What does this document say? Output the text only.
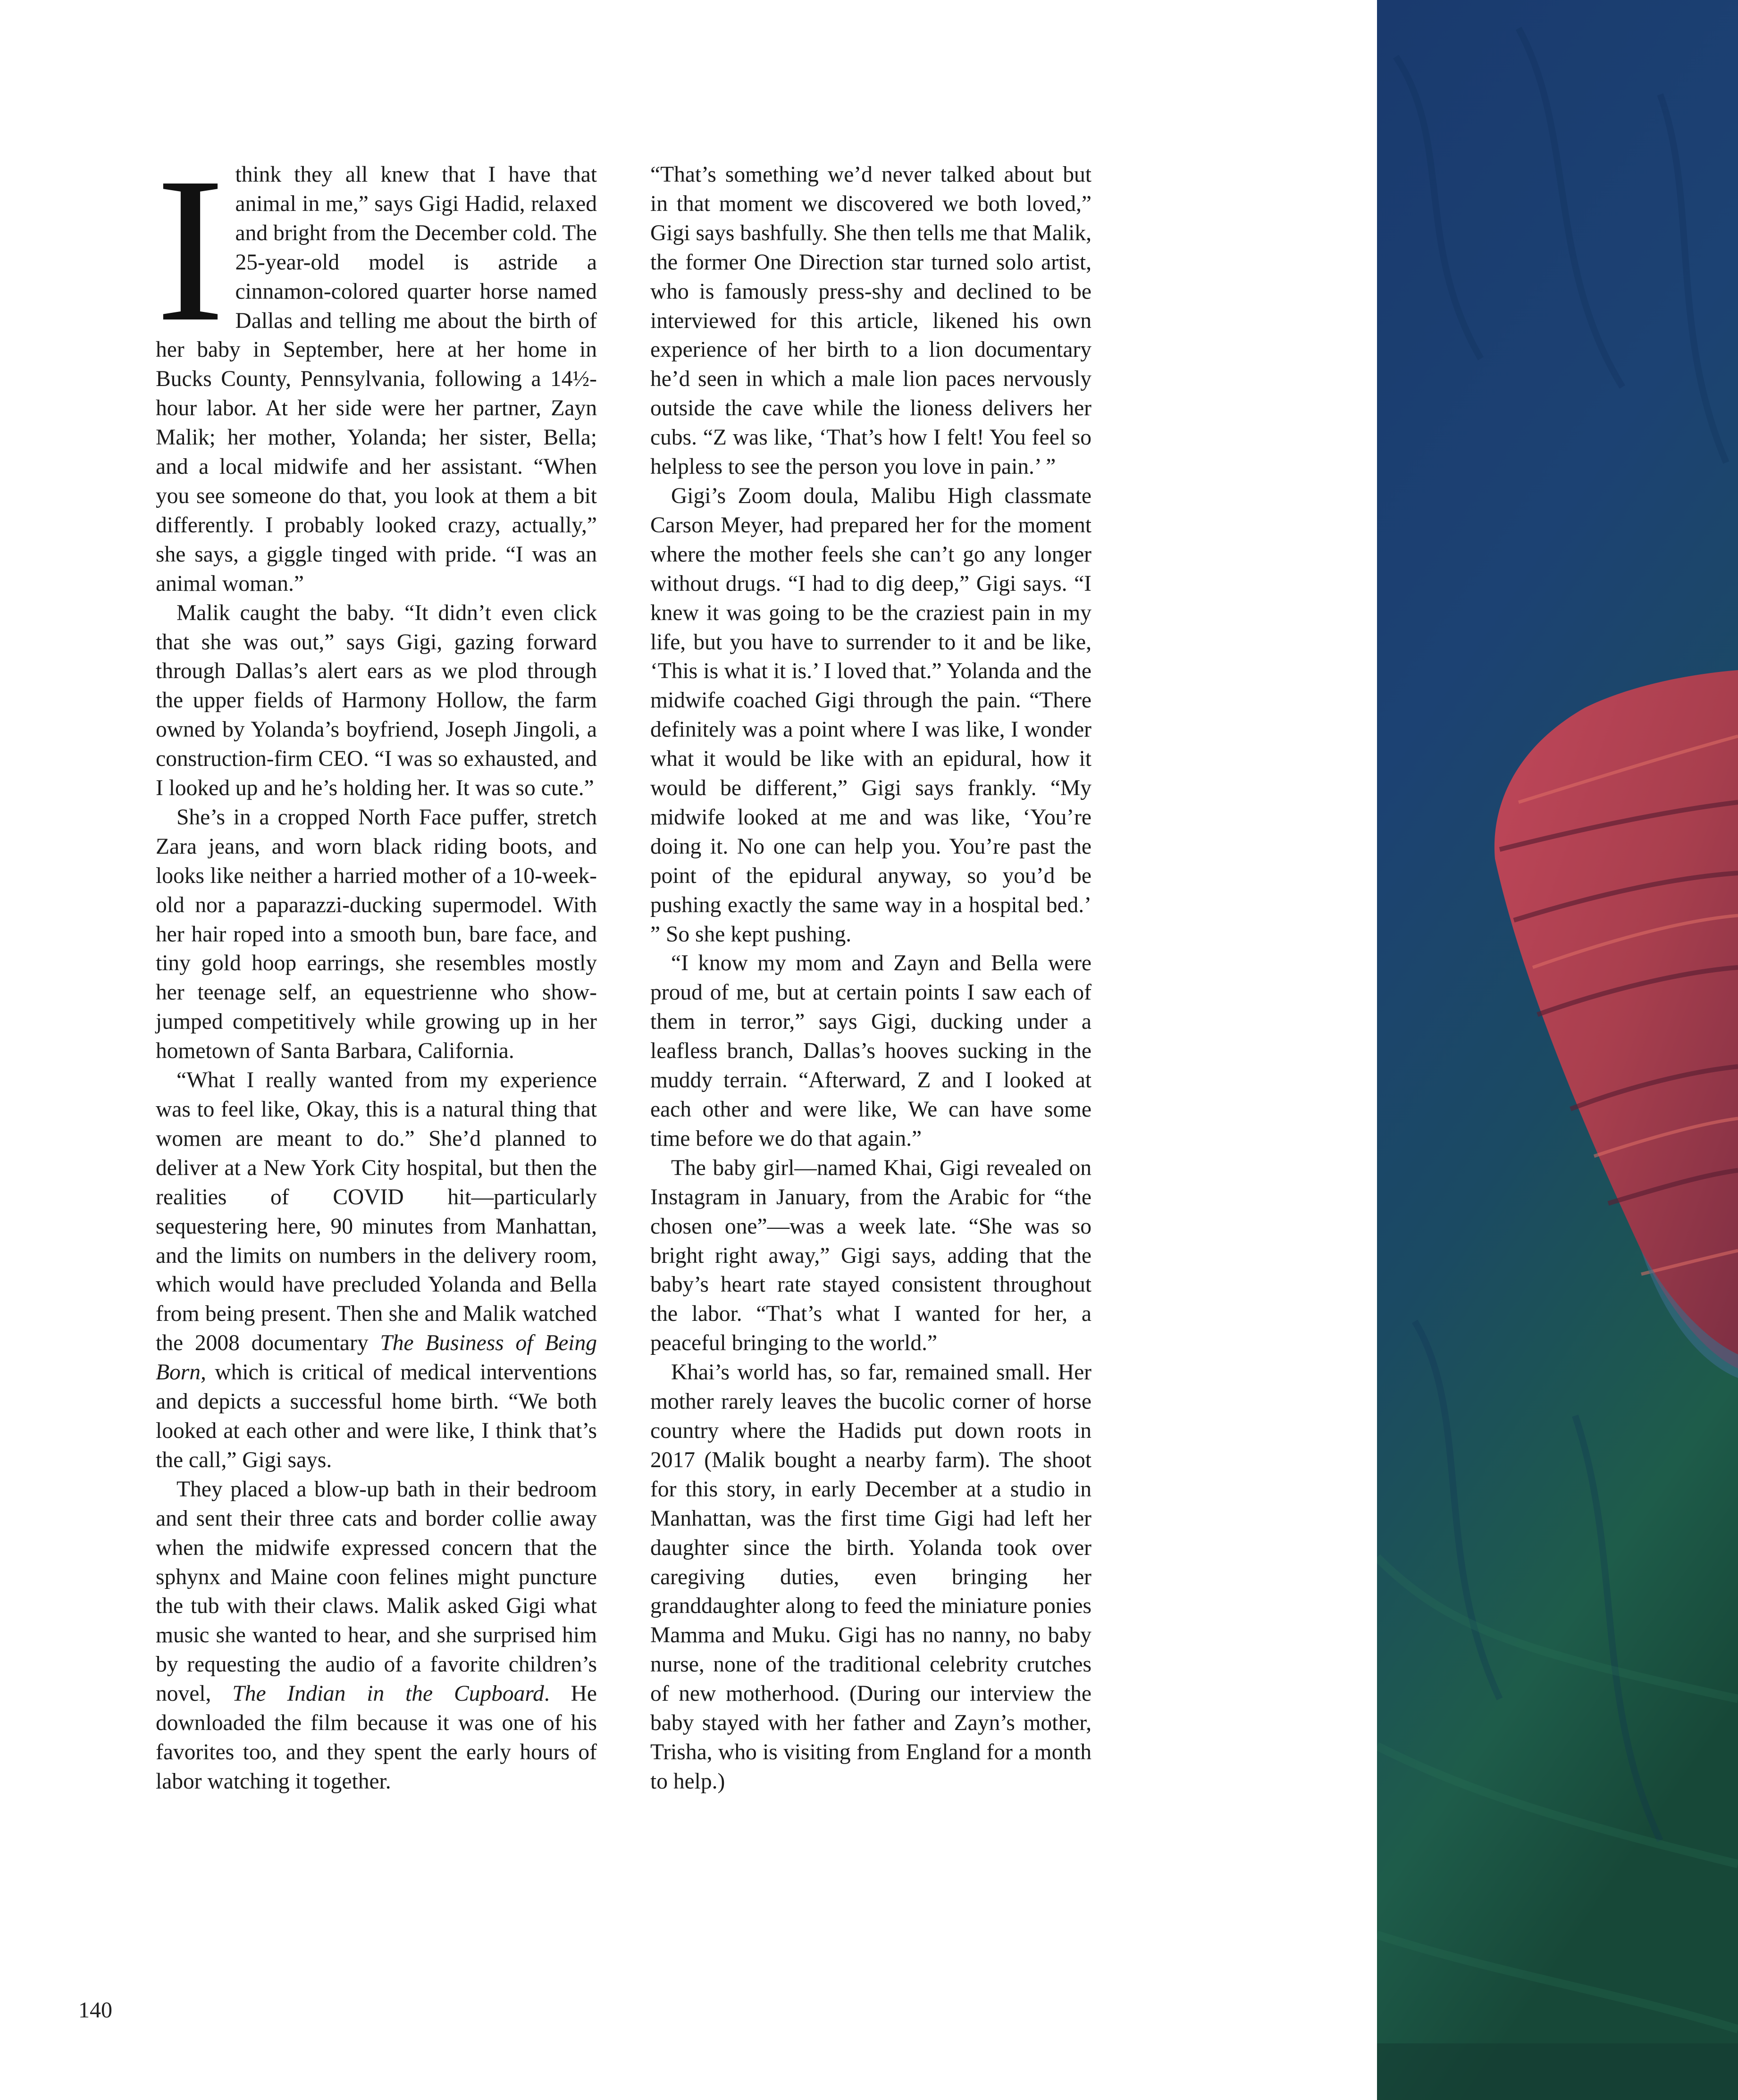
Ithink they all knew that I have that animal in me,” says Gigi Hadid, relaxed and bright from the December cold. The 25-year-old model is astride a cinnamon-colored quarter horse named Dallas and telling me about the birth of her baby in September, here at her home in Bucks County, Pennsylvania, following a 14½-hour labor. At her side were her partner, Zayn Malik; her mother, Yolanda; her sister, Bella; and a local midwife and her assistant. “When you see someone do that, you look at them a bit differently. I probably looked crazy, actually,” she says, a giggle tinged with pride. “I was an animal woman.”

Malik caught the baby. “It didn’t even click that she was out,” says Gigi, gazing forward through Dallas’s alert ears as we plod through the upper fields of Harmony Hollow, the farm owned by Yolanda’s boyfriend, Joseph Jingoli, a construction-firm CEO. “I was so exhausted, and I looked up and he’s holding her. It was so cute.”

She’s in a cropped North Face puffer, stretch Zara jeans, and worn black riding boots, and looks like neither a harried mother of a 10-week-old nor a paparazzi-ducking supermodel. With her hair roped into a smooth bun, bare face, and tiny gold hoop earrings, she resembles mostly her teenage self, an equestrienne who show-jumped competitively while growing up in her hometown of Santa Barbara, California.

“What I really wanted from my experience was to feel like, Okay, this is a natural thing that women are meant to do.” She’d planned to deliver at a New York City hospital, but then the realities of COVID hit—particularly sequestering here, 90 minutes from Manhattan, and the limits on numbers in the delivery room, which would have precluded Yolanda and Bella from being present. Then she and Malik watched the 2008 documentary The Business of Being Born, which is critical of medical interventions and depicts a successful home birth. “We both looked at each other and were like, I think that’s the call,” Gigi says.

They placed a blow-up bath in their bedroom and sent their three cats and border collie away when the midwife expressed concern that the sphynx and Maine coon felines might puncture the tub with their claws. Malik asked Gigi what music she wanted to hear, and she surprised him by requesting the audio of a favorite children’s novel, The Indian in the Cupboard. He downloaded the film because it was one of his favorites too, and they spent the early hours of labor watching it together.

“That’s something we’d never talked about but in that moment we discovered we both loved,” Gigi says bashfully. She then tells me that Malik, the former One Direction star turned solo artist, who is famously press-shy and declined to be interviewed for this article, likened his own experience of her birth to a lion documentary he’d seen in which a male lion paces nervously outside the cave while the lioness delivers her cubs. “Z was like, ‘That’s how I felt! You feel so helpless to see the person you love in pain.’ ”

Gigi’s Zoom doula, Malibu High classmate Carson Meyer, had prepared her for the moment where the mother feels she can’t go any longer without drugs. “I had to dig deep,” Gigi says. “I knew it was going to be the craziest pain in my life, but you have to surrender to it and be like, ‘This is what it is.’ I loved that.” Yolanda and the midwife coached Gigi through the pain. “There definitely was a point where I was like, I wonder what it would be like with an epidural, how it would be different,” Gigi says frankly. “My midwife looked at me and was like, ‘You’re doing it. No one can help you. You’re past the point of the epidural anyway, so you’d be pushing exactly the same way in a hospital bed.’ ” So she kept pushing.

“I know my mom and Zayn and Bella were proud of me, but at certain points I saw each of them in terror,” says Gigi, ducking under a leafless branch, Dallas’s hooves sucking in the muddy terrain. “Afterward, Z and I looked at each other and were like, We can have some time before we do that again.”

The baby girl—named Khai, Gigi revealed on Instagram in January, from the Arabic for “the chosen one”—was a week late. “She was so bright right away,” Gigi says, adding that the baby’s heart rate stayed consistent throughout the labor. “That’s what I wanted for her, a peaceful bringing to the world.”

Khai’s world has, so far, remained small. Her mother rarely leaves the bucolic corner of horse country where the Hadids put down roots in 2017 (Malik bought a nearby farm). The shoot for this story, in early December at a studio in Manhattan, was the first time Gigi had left her daughter since the birth. Yolanda took over caregiving duties, even bringing her granddaughter along to feed the miniature ponies Mamma and Muku. Gigi has no nanny, no baby nurse, none of the traditional celebrity crutches of new motherhood. (During our interview the baby stayed with her father and Zayn’s mother, Trisha, who is visiting from England for a month to help.)

140
